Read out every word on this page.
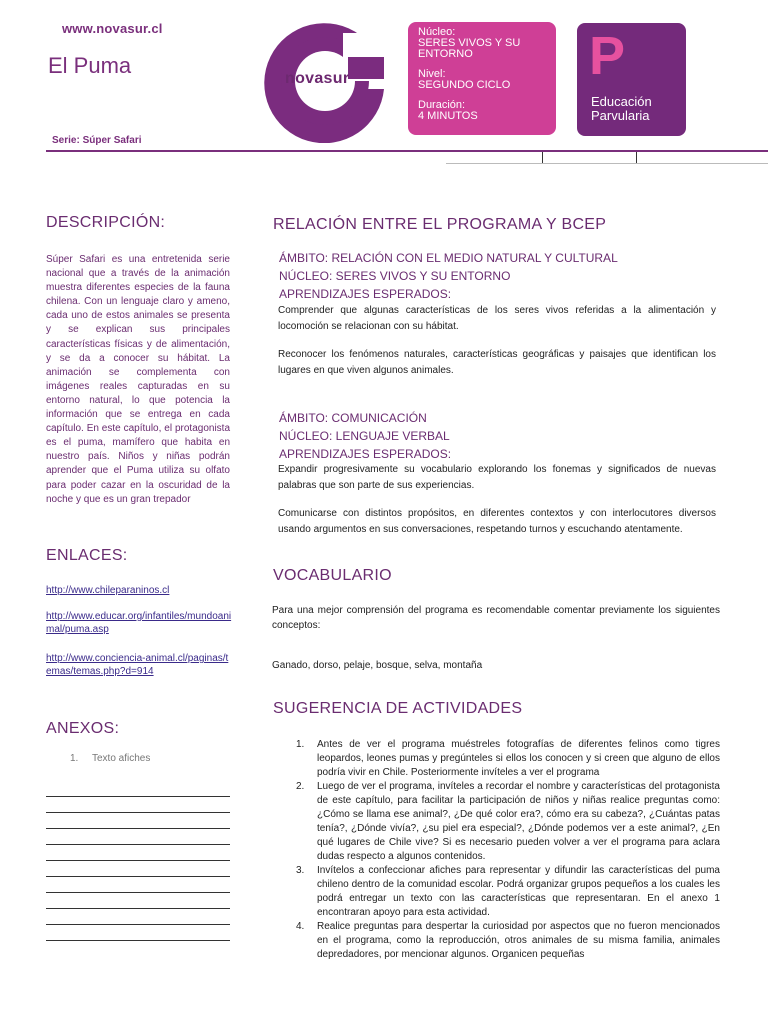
www.novasur.cl
El Puma
Serie: Súper Safari
novasur
Núcleo:
SERES VIVOS Y SU ENTORNO
Nivel:
SEGUNDO CICLO
Duración:
4 MINUTOS
P
Educación
Parvularia
DESCRIPCIÓN:

Súper Safari es una entretenida serie nacional que a través de la animación muestra diferentes especies de la fauna chilena. Con un lenguaje claro y ameno, cada uno de estos animales se presenta y se explican sus principales características físicas y de alimentación, y se da a conocer su hábitat. La animación se complementa con imágenes reales capturadas en su entorno natural, lo que potencia la información que se entrega en cada capítulo. En este capítulo, el protagonista es el puma, mamífero que habita en nuestro país. Niños y niñas podrán aprender que el Puma utiliza su olfato para poder cazar en la oscuridad de la noche y que es un gran trepador

ENLACES:
http://www.chileparaninos.cl
http://www.educar.org/infantiles/mundoanimal/puma.asp
http://www.conciencia-animal.cl/paginas/temas/temas.php?d=914
ANEXOS:
1. Texto afiches
RELACIÓN ENTRE EL PROGRAMA Y BCEP

ÁMBITO: RELACIÓN CON EL MEDIO NATURAL Y CULTURAL

NÚCLEO: SERES VIVOS Y SU ENTORNO

APRENDIZAJES ESPERADOS:

Comprender que algunas características de los seres vivos referidas a la alimentación y locomoción se relacionan con su hábitat.

Reconocer los fenómenos naturales, características geográficas y paisajes que identifican los lugares en que viven algunos animales.

ÁMBITO: COMUNICACIÓN

NÚCLEO: LENGUAJE VERBAL

APRENDIZAJES ESPERADOS:

Expandir progresivamente su vocabulario explorando los fonemas y significados de nuevas palabras que son parte de sus experiencias.

Comunicarse con distintos propósitos, en diferentes contextos y con interlocutores diversos usando argumentos en sus conversaciones, respetando turnos y escuchando atentamente.

VOCABULARIO

Para una mejor comprensión del programa es recomendable comentar previamente los siguientes conceptos:

Ganado, dorso, pelaje, bosque, selva, montaña

SUGERENCIA DE ACTIVIDADES
1. Antes de ver el programa muéstreles fotografías de diferentes felinos como tigres leopardos, leones pumas y pregúnteles si ellos los conocen y si creen que alguno de ellos podría vivir en Chile. Posteriormente invíteles a ver el programa
2. Luego de ver el programa, invíteles a recordar el nombre y características del protagonista de este capítulo, para facilitar la participación de niños y niñas realice preguntas como: ¿Cómo se llama ese animal?, ¿De qué color era?, cómo era su cabeza?, ¿Cuántas patas tenía?, ¿Dónde vivía?, ¿su piel era especial?, ¿Dónde podemos ver a este animal?, ¿En qué lugares de Chile vive? Si es necesario pueden volver a ver el programa para aclara dudas respecto a algunos contenidos.
3. Invítelos a confeccionar afiches para representar y difundir las características del puma chileno dentro de la comunidad escolar. Podrá organizar grupos pequeños a los cuales les podrá entregar un texto con las características que representaran. En el anexo 1 encontraran apoyo para esta actividad.
4. Realice preguntas para despertar la curiosidad por aspectos que no fueron mencionados en el programa, como la reproducción, otros animales de su misma familia, animales depredadores, por mencionar algunos. Organicen pequeñas
